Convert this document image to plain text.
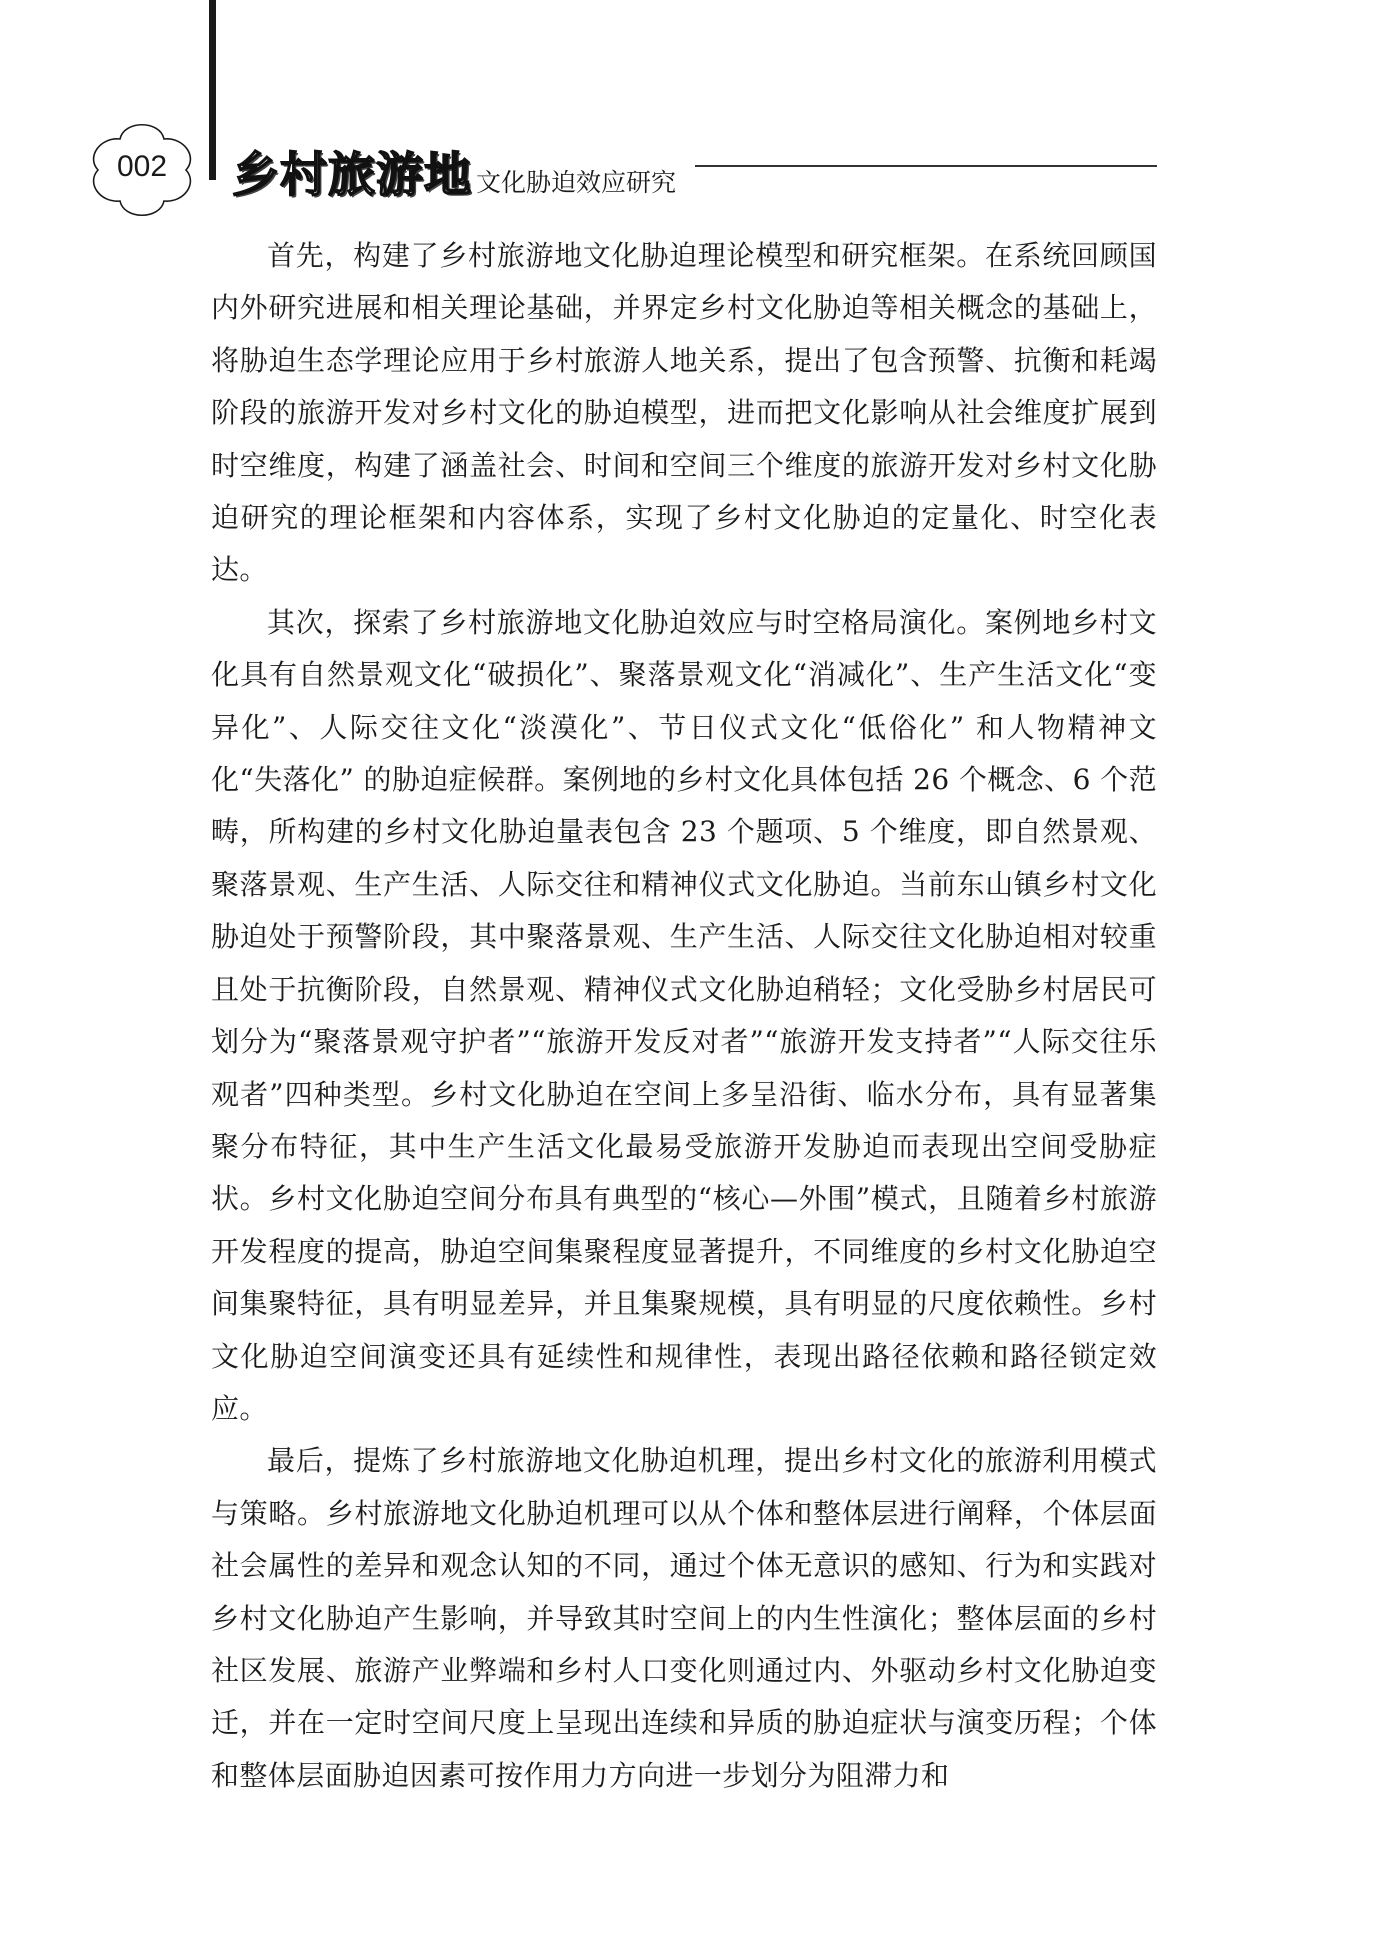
002	乡村旅游地 文化胁迫效应研究

首先，构建了乡村旅游地文化胁迫理论模型和研究框架。在系统回顾国内外研究进展和相关理论基础，并界定乡村文化胁迫等相关概念的基础上，将胁迫生态学理论应用于乡村旅游人地关系，提出了包含预警、抗衡和耗竭阶段的旅游开发对乡村文化的胁迫模型，进而把文化影响从社会维度扩展到时空维度，构建了涵盖社会、时间和空间三个维度的旅游开发对乡村文化胁迫研究的理论框架和内容体系，实现了乡村文化胁迫的定量化、时空化表达。

其次，探索了乡村旅游地文化胁迫效应与时空格局演化。案例地乡村文化具有自然景观文化“破损化”、聚落景观文化“消减化”、生产生活文化“变异化”、人际交往文化“淡漠化”、节日仪式文化“低俗化” 和人物精神文化“失落化” 的胁迫症候群。案例地的乡村文化具体包括 26 个概念、6 个范畴，所构建的乡村文化胁迫量表包含 23 个题项、5 个维度，即自然景观、聚落景观、生产生活、人际交往和精神仪式文化胁迫。当前东山镇乡村文化胁迫处于预警阶段，其中聚落景观、生产生活、人际交往文化胁迫相对较重且处于抗衡阶段，自然景观、精神仪式文化胁迫稍轻；文化受胁乡村居民可划分为“聚落景观守护者”“旅游开发反对者”“旅游开发支持者”“人际交往乐观者”四种类型。乡村文化胁迫在空间上多呈沿街、临水分布，具有显著集聚分布特征，其中生产生活文化最易受旅游开发胁迫而表现出空间受胁症状。乡村文化胁迫空间分布具有典型的“核心—外围”模式，且随着乡村旅游开发程度的提高，胁迫空间集聚程度显著提升，不同维度的乡村文化胁迫空间集聚特征，具有明显差异，并且集聚规模，具有明显的尺度依赖性。乡村文化胁迫空间演变还具有延续性和规律性，表现出路径依赖和路径锁定效应。

最后，提炼了乡村旅游地文化胁迫机理，提出乡村文化的旅游利用模式与策略。乡村旅游地文化胁迫机理可以从个体和整体层进行阐释，个体层面社会属性的差异和观念认知的不同，通过个体无意识的感知、行为和实践对乡村文化胁迫产生影响，并导致其时空间上的内生性演化；整体层面的乡村社区发展、旅游产业弊端和乡村人口变化则通过内、外驱动乡村文化胁迫变迁，并在一定时空间尺度上呈现出连续和异质的胁迫症状与演变历程；个体和整体层面胁迫因素可按作用力方向进一步划分为阻滞力和
